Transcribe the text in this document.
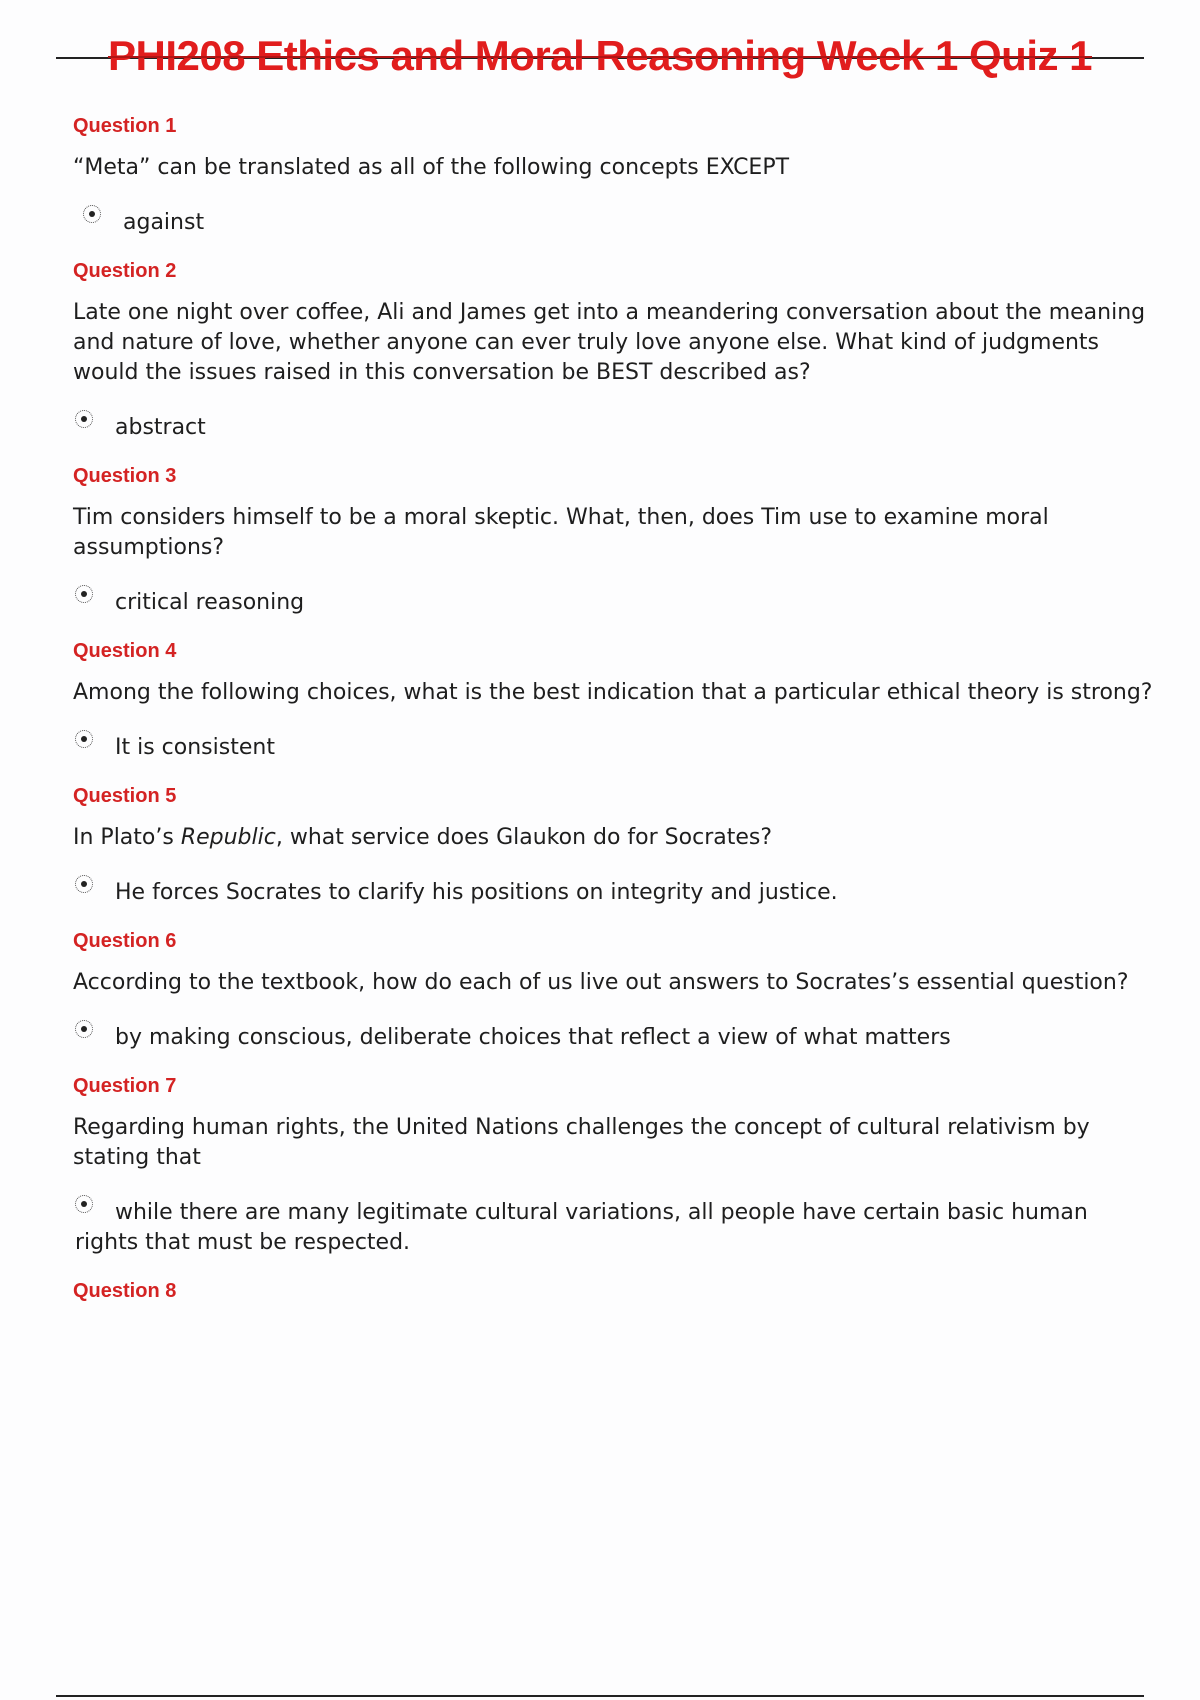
PHI208 Ethics and Moral Reasoning Week 1 Quiz 1
Question 1
“Meta” can be translated as all of the following concepts EXCEPT
against
Question 2
Late one night over coffee, Ali and James get into a meandering conversation about the meaning and nature of love, whether anyone can ever truly love anyone else. What kind of judgments would the issues raised in this conversation be BEST described as?
abstract
Question 3
Tim considers himself to be a moral skeptic. What, then, does Tim use to examine moral assumptions?
critical reasoning
Question 4
Among the following choices, what is the best indication that a particular ethical theory is strong?
It is consistent
Question 5
In Plato’s Republic, what service does Glaukon do for Socrates?
He forces Socrates to clarify his positions on integrity and justice.
Question 6
According to the textbook, how do each of us live out answers to Socrates’s essential question?
by making conscious, deliberate choices that reflect a view of what matters
Question 7
Regarding human rights, the United Nations challenges the concept of cultural relativism by stating that
while there are many legitimate cultural variations, all people have certain basic human rights that must be respected.
Question 8
